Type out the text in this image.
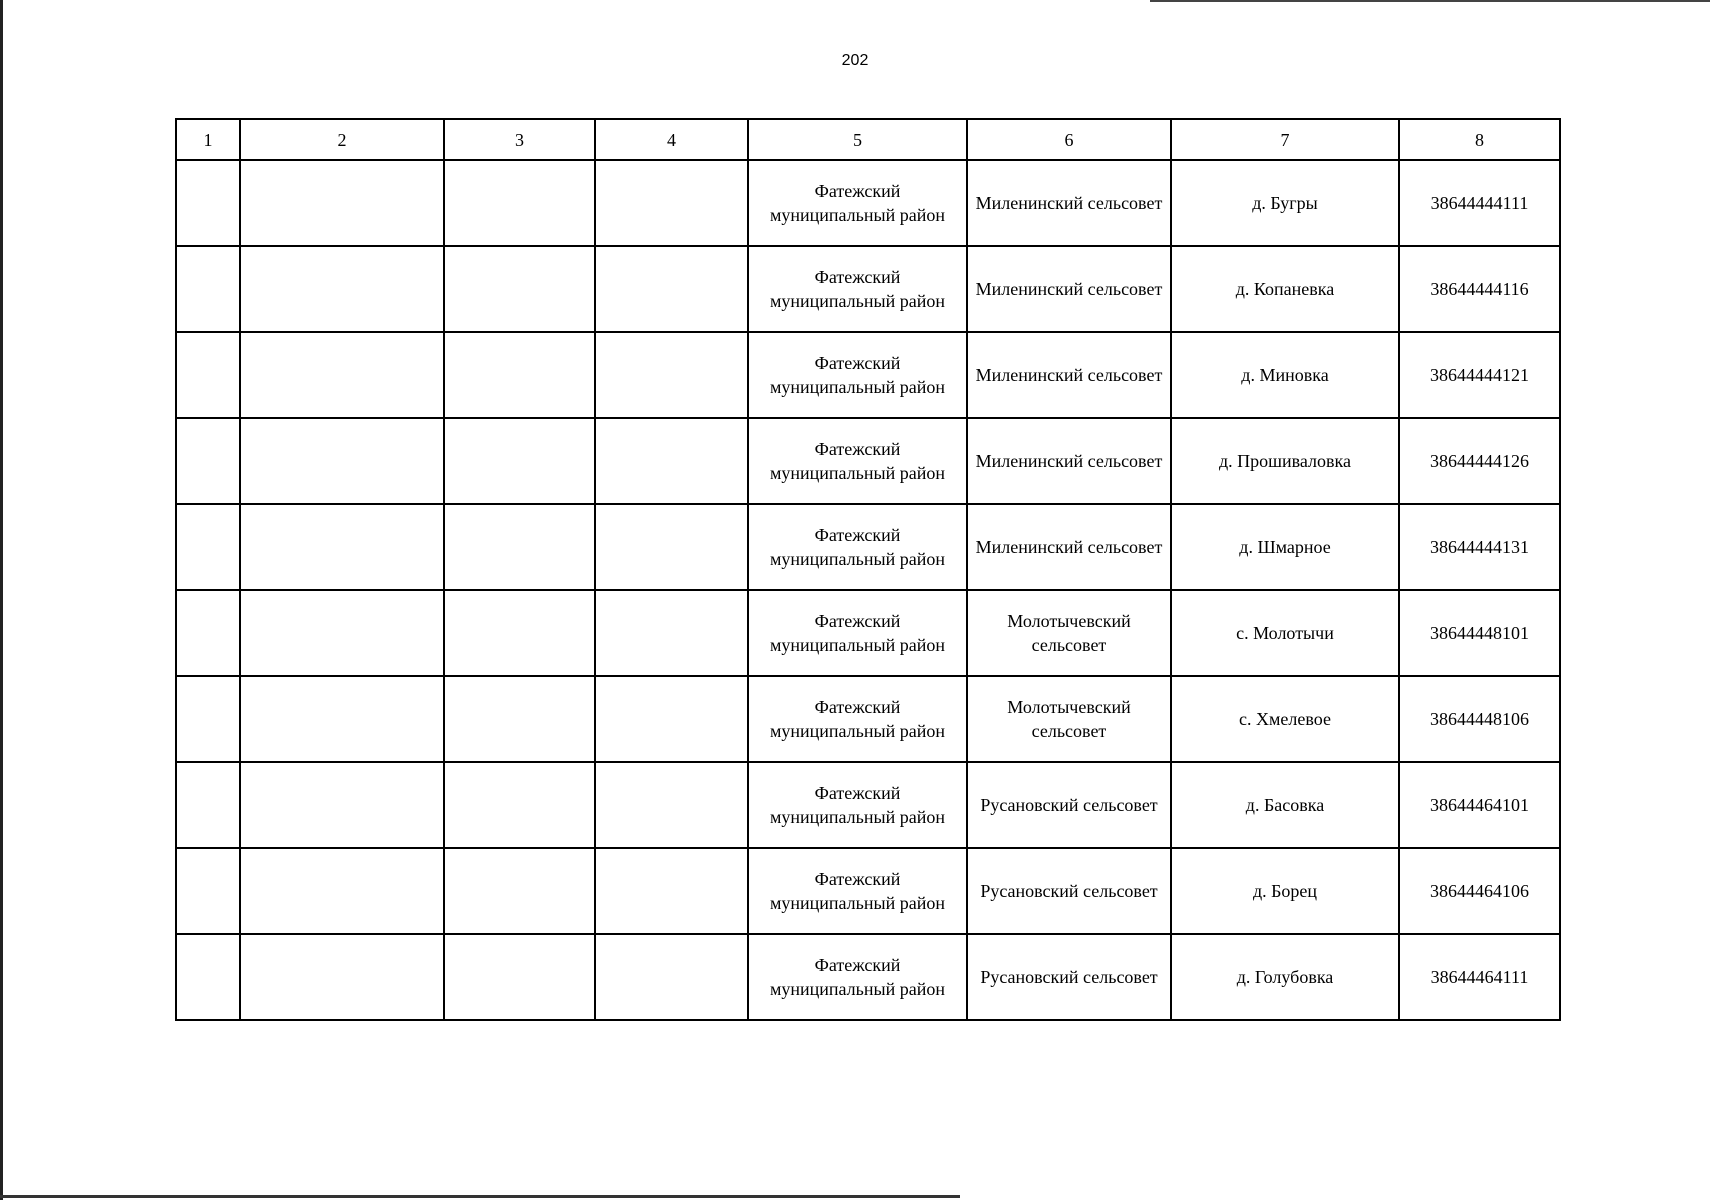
202
1	2	3	4	5	6	7	8
				Фатежский муниципальный район	Миленинский сельсовет	д. Бугры	38644444111
				Фатежский муниципальный район	Миленинский сельсовет	д. Копаневка	38644444116
				Фатежский муниципальный район	Миленинский сельсовет	д. Миновка	38644444121
				Фатежский муниципальный район	Миленинский сельсовет	д. Прошиваловка	38644444126
				Фатежский муниципальный район	Миленинский сельсовет	д. Шмарное	38644444131
				Фатежский муниципальный район	Молотычевский сельсовет	с. Молотычи	38644448101
				Фатежский муниципальный район	Молотычевский сельсовет	с. Хмелевое	38644448106
				Фатежский муниципальный район	Русановский сельсовет	д. Басовка	38644464101
				Фатежский муниципальный район	Русановский сельсовет	д. Борец	38644464106
				Фатежский муниципальный район	Русановский сельсовет	д. Голубовка	38644464111
